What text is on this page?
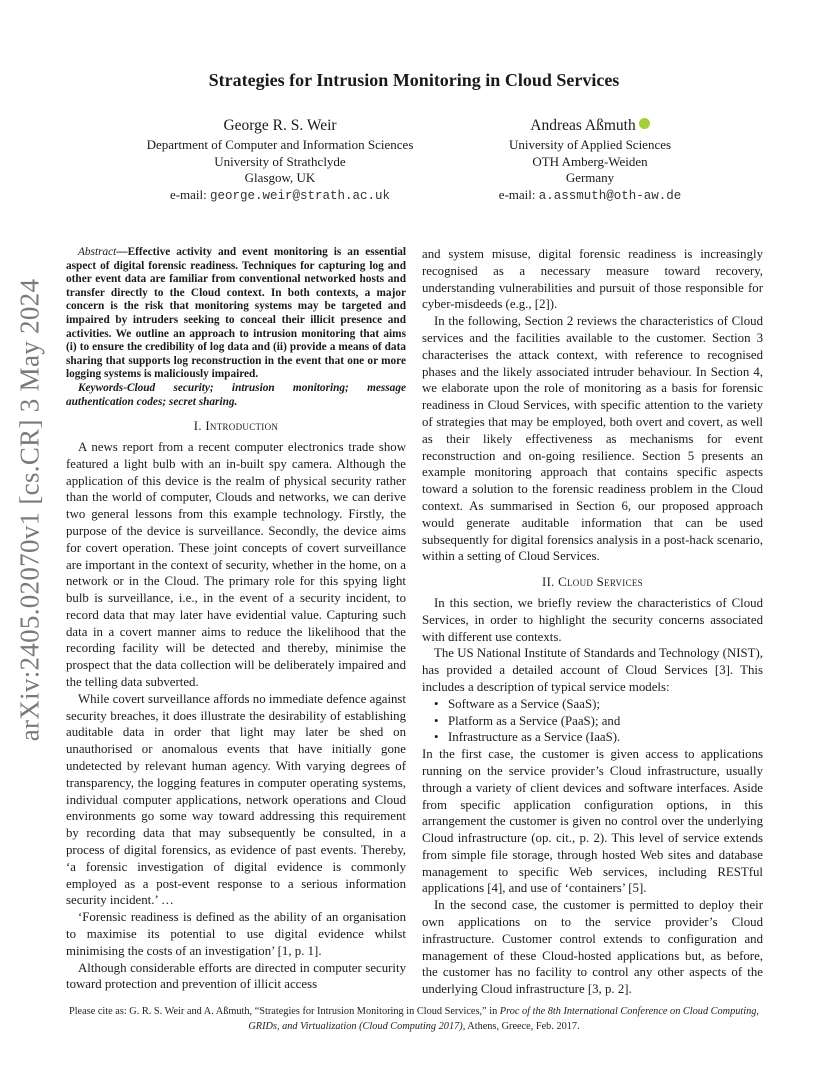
arXiv:2405.02070v1 [cs.CR] 3 May 2024
Strategies for Intrusion Monitoring in Cloud Services
George R. S. Weir
Department of Computer and Information Sciences
University of Strathclyde
Glasgow, UK
e-mail: george.weir@strath.ac.uk
Andreas Aßmuth
University of Applied Sciences
OTH Amberg-Weiden
Germany
e-mail: a.assmuth@oth-aw.de
Abstract—Effective activity and event monitoring is an essential aspect of digital forensic readiness. Techniques for capturing log and other event data are familiar from conventional networked hosts and transfer directly to the Cloud context. In both contexts, a major concern is the risk that monitoring systems may be targeted and impaired by intruders seeking to conceal their illicit presence and activities. We outline an approach to intrusion monitoring that aims (i) to ensure the credibility of log data and (ii) provide a means of data sharing that supports log reconstruction in the event that one or more logging systems is maliciously impaired.
Keywords-Cloud security; intrusion monitoring; message authentication codes; secret sharing.
I. Introduction

A news report from a recent computer electronics trade show featured a light bulb with an in-built spy camera. Although the application of this device is the realm of physical security rather than the world of computer, Clouds and networks, we can derive two general lessons from this example technology. Firstly, the purpose of the device is surveillance. Secondly, the device aims for covert operation. These joint concepts of covert surveillance are important in the context of security, whether in the home, on a network or in the Cloud. The primary role for this spying light bulb is surveillance, i.e., in the event of a security incident, to record data that may later have evidential value. Capturing such data in a covert manner aims to reduce the likelihood that the recording facility will be detected and thereby, minimise the prospect that the data collection will be deliberately impaired and the telling data subverted.

While covert surveillance affords no immediate defence against security breaches, it does illustrate the desirability of establishing auditable data in order that light may later be shed on unauthorised or anomalous events that have initially gone undetected by relevant human agency. With varying degrees of transparency, the logging features in computer operating systems, individual computer applications, network operations and Cloud environments go some way toward addressing this requirement by recording data that may subsequently be consulted, in a process of digital forensics, as evidence of past events. Thereby, ‘a forensic investigation of digital evidence is commonly employed as a post-event response to a serious information security incident.’ …

‘Forensic readiness is defined as the ability of an organisation to maximise its potential to use digital evidence whilst minimising the costs of an investigation’ [1, p. 1].

Although considerable efforts are directed in computer security toward protection and prevention of illicit access

and system misuse, digital forensic readiness is increasingly recognised as a necessary measure toward recovery, understanding vulnerabilities and pursuit of those responsible for cyber-misdeeds (e.g., [2]).

In the following, Section 2 reviews the characteristics of Cloud services and the facilities available to the customer. Section 3 characterises the attack context, with reference to recognised phases and the likely associated intruder behaviour. In Section 4, we elaborate upon the role of monitoring as a basis for forensic readiness in Cloud Services, with specific attention to the variety of strategies that may be employed, both overt and covert, as well as their likely effectiveness as mechanisms for event reconstruction and on-going resilience. Section 5 presents an example monitoring approach that contains specific aspects toward a solution to the forensic readiness problem in the Cloud context. As summarised in Section 6, our proposed approach would generate auditable information that can be used subsequently for digital forensics analysis in a post-hack scenario, within a setting of Cloud Services.

II. Cloud Services

In this section, we briefly review the characteristics of Cloud Services, in order to highlight the security concerns associated with different use contexts.

The US National Institute of Standards and Technology (NIST), has provided a detailed account of Cloud Services [3]. This includes a description of typical service models:

• Software as a Service (SaaS);
• Platform as a Service (PaaS); and
• Infrastructure as a Service (IaaS).

In the first case, the customer is given access to applications running on the service provider’s Cloud infrastructure, usually through a variety of client devices and software interfaces. Aside from specific application configuration options, in this arrangement the customer is given no control over the underlying Cloud infrastructure (op. cit., p. 2). This level of service extends from simple file storage, through hosted Web sites and database management to specific Web services, including RESTful applications [4], and use of ‘containers’ [5].

In the second case, the customer is permitted to deploy their own applications on to the service provider’s Cloud infrastructure. Customer control extends to configuration and management of these Cloud-hosted applications but, as before, the customer has no facility to control any other aspects of the underlying Cloud infrastructure [3, p. 2].

Please cite as: G. R. S. Weir and A. Aßmuth, “Strategies for Intrusion Monitoring in Cloud Services,” in Proc of the 8th International Conference on Cloud Computing, GRIDs, and Virtualization (Cloud Computing 2017), Athens, Greece, Feb. 2017.
